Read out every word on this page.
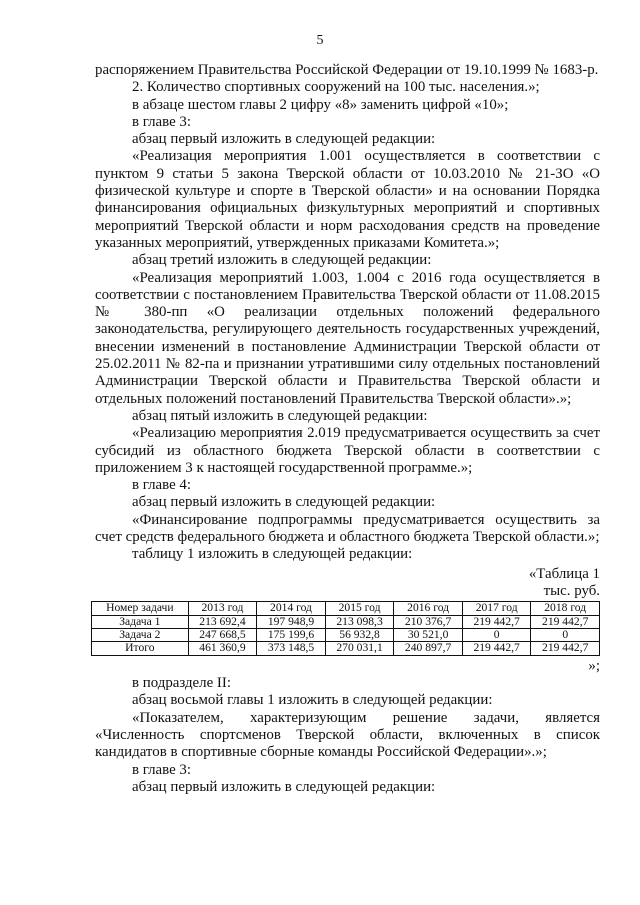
5

распоряжением Правительства Российской Федерации от 19.10.1999 № 1683-р.

2. Количество спортивных сооружений на 100 тыс. населения.»;

в абзаце шестом главы 2 цифру «8» заменить цифрой «10»;

в главе 3:

абзац первый изложить в следующей редакции:

«Реализация мероприятия 1.001 осуществляется в соответствии с пунктом 9 статьи 5 закона Тверской области от 10.03.2010 № 21-ЗО «О физической культуре и спорте в Тверской области» и на основании Порядка финансирования официальных физкультурных мероприятий и спортивных мероприятий Тверской области и норм расходования средств на проведение указанных мероприятий, утвержденных приказами Комитета.»;

абзац третий изложить в следующей редакции:

«Реализация мероприятий 1.003, 1.004 с 2016 года осуществляется в соответствии с постановлением Правительства Тверской области от 11.08.2015 № 380-пп «О реализации отдельных положений федерального законодательства, регулирующего деятельность государственных учреждений, внесении изменений в постановление Администрации Тверской области от 25.02.2011 № 82-па и признании утратившими силу отдельных постановлений Администрации Тверской области и Правительства Тверской области и отдельных положений постановлений Правительства Тверской области».»;

абзац пятый изложить в следующей редакции:

«Реализацию мероприятия 2.019 предусматривается осуществить за счет субсидий из областного бюджета Тверской области в соответствии с приложением 3 к настоящей государственной программе.»;

в главе 4:

абзац первый изложить в следующей редакции:

«Финансирование подпрограммы предусматривается осуществить за счет средств федерального бюджета и областного бюджета Тверской области.»;

таблицу 1 изложить в следующей редакции:

«Таблица 1

тыс. руб.

Номер задачи	2013 год	2014 год	2015 год	2016 год	2017 год	2018 год
Задача 1	213 692,4	197 948,9	213 098,3	210 376,7	219 442,7	219 442,7
Задача 2	247 668,5	175 199,6	56 932,8	30 521,0	0	0
Итого	461 360,9	373 148,5	270 031,1	240 897,7	219 442,7	219 442,7

»;

в подразделе II:

абзац восьмой главы 1 изложить в следующей редакции:

«Показателем, характеризующим решение задачи, является «Численность спортсменов Тверской области, включенных в список кандидатов в спортивные сборные команды Российской Федерации».»;

в главе 3:

абзац первый изложить в следующей редакции:
